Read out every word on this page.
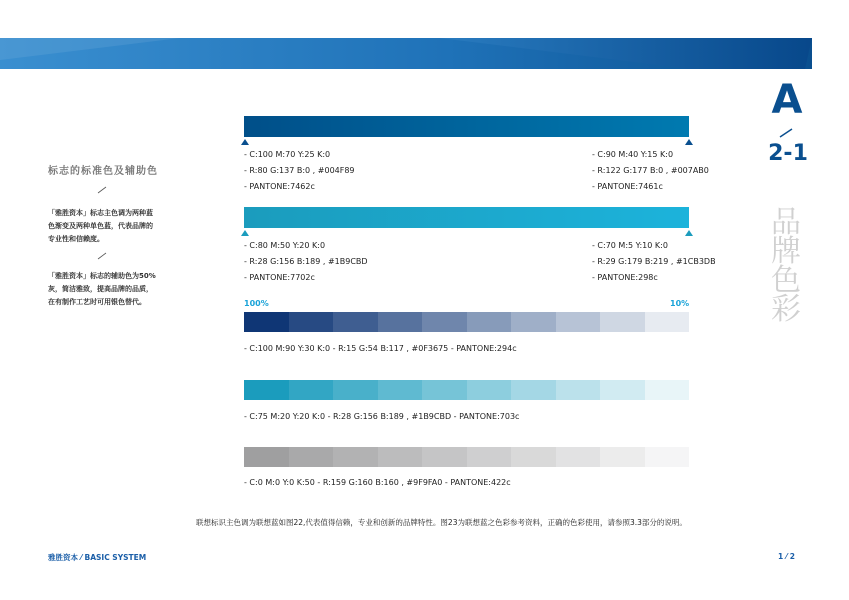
A
2-1
品
牌
色
彩
标志的标准色及辅助色
「雅胜资本」标志主色调为两种蓝
色渐变及两种单色蓝，代表品牌的
专业性和信赖度。
「雅胜资本」标志的辅助色为50%
灰，简洁雅致，提高品牌的品质，
在有制作工艺时可用银色替代。
- C:100 M:70 Y:25 K:0
- R:80 G:137 B:0 , #004F89
- PANTONE:7462c
- C:90 M:40 Y:15 K:0
- R:122 G:177 B:0 , #007AB0
- PANTONE:7461c
- C:80 M:50 Y:20 K:0
- R:28 G:156 B:189 , #1B9CBD
- PANTONE:7702c
- C:70 M:5 Y:10 K:0
- R:29 G:179 B:219 , #1CB3DB
- PANTONE:298c
100%	10%
- C:100 M:90 Y:30 K:0 - R:15 G:54 B:117 , #0F3675 - PANTONE:294c
- C:75 M:20 Y:20 K:0 - R:28 G:156 B:189 , #1B9CBD - PANTONE:703c
- C:0 M:0 Y:0 K:50 - R:159 G:160 B:160 , #9F9FA0 - PANTONE:422c
联想标识主色调为联想蓝如图22,代表值得信赖，专业和创新的品牌特性。图23为联想蓝之色彩参考资料，正确的色彩使用，请参照3.3部分的说明。
雅胜资本 ⁄ BASIC SYSTEM	1 ⁄ 2
